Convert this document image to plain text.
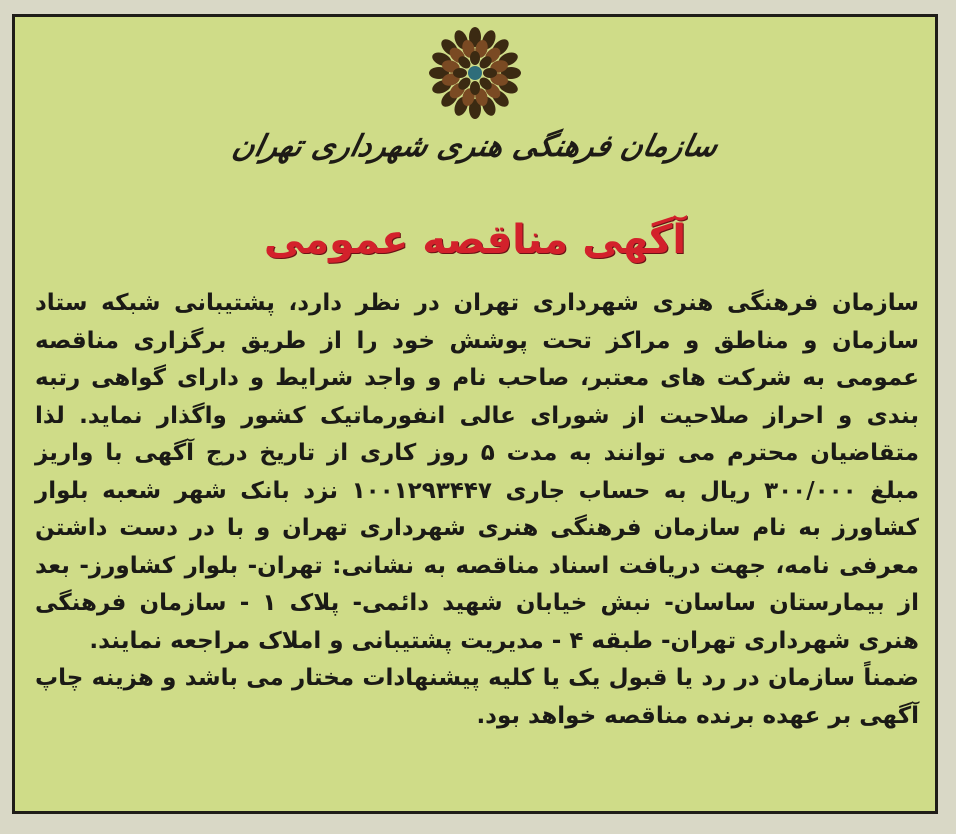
سازمان فرهنگی هنری شهرداری تهران
آگهی مناقصه عمومی

سازمان فرهنگی هنری شهرداری تهران در نظر دارد، پشتیبانی شبکه ستاد سازمان و مناطق و مراکز تحت پوشش خود را از طریق برگزاری مناقصه عمومی به شرکت های معتبر، صاحب نام و واجد شرایط و دارای گواهی رتبه بندی و احراز صلاحیت از شورای عالی انفورماتیک کشور واگذار نماید. لذا متقاضیان محترم می توانند به مدت ۵ روز کاری از تاریخ درج آگهی با واریز مبلغ ۳۰۰/۰۰۰ ریال به حساب جاری ۱۰۰۱۲۹۳۴۴۷ نزد بانک شهر شعبه بلوار کشاورز به نام سازمان فرهنگی هنری شهرداری تهران و با در دست داشتن معرفی نامه، جهت دریافت اسناد مناقصه به نشانی: تهران- بلوار کشاورز- بعد از بیمارستان ساسان- نبش خیابان شهید دائمی- پلاک ۱ - سازمان فرهنگی هنری شهرداری تهران- طبقه ۴ - مدیریت پشتیبانی و املاک مراجعه نمایند.

ضمناً سازمان در رد یا قبول یک یا کلیه پیشنهادات مختار می باشد و هزینه چاپ آگهی بر عهده برنده مناقصه خواهد بود.
